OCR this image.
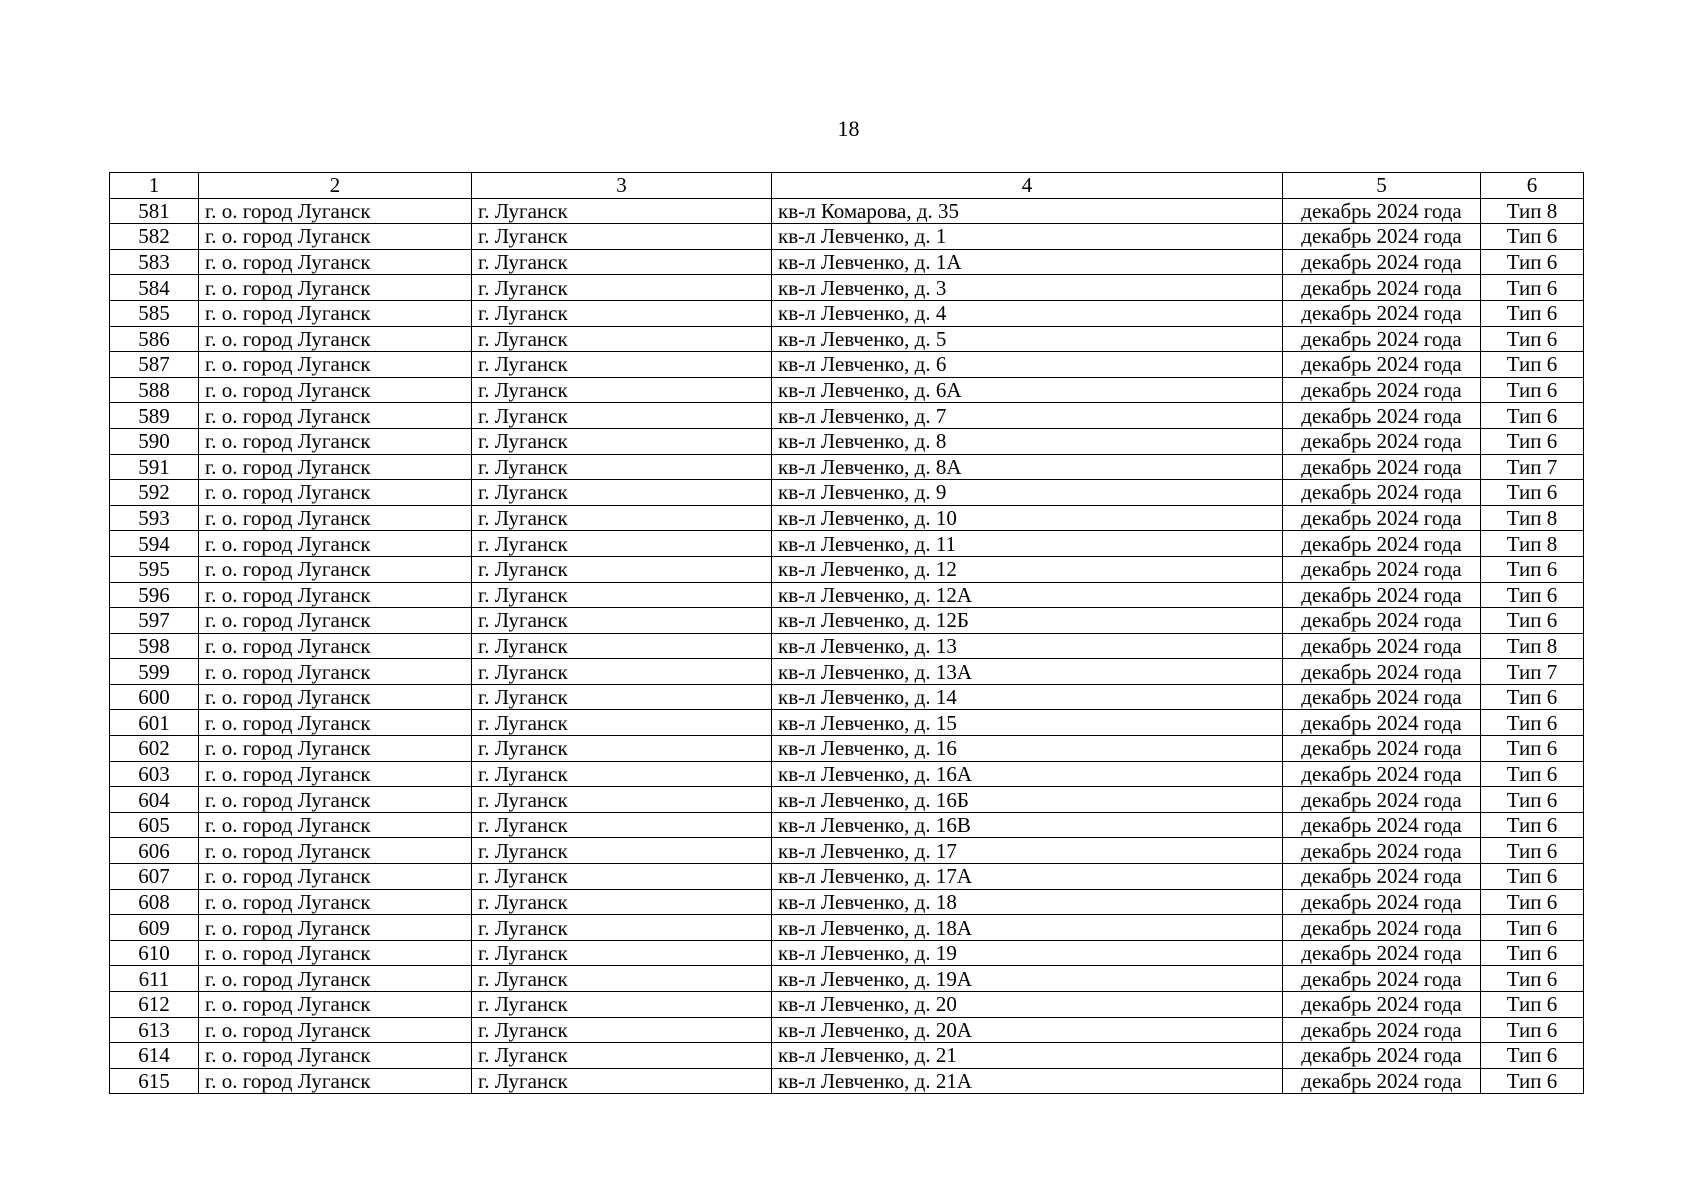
18
1	2	3	4	5	6
581	г. о. город Луганск	г. Луганск	кв-л Комарова, д. 35	декабрь 2024 года	Тип 8
582	г. о. город Луганск	г. Луганск	кв-л Левченко, д. 1	декабрь 2024 года	Тип 6
583	г. о. город Луганск	г. Луганск	кв-л Левченко, д. 1А	декабрь 2024 года	Тип 6
584	г. о. город Луганск	г. Луганск	кв-л Левченко, д. 3	декабрь 2024 года	Тип 6
585	г. о. город Луганск	г. Луганск	кв-л Левченко, д. 4	декабрь 2024 года	Тип 6
586	г. о. город Луганск	г. Луганск	кв-л Левченко, д. 5	декабрь 2024 года	Тип 6
587	г. о. город Луганск	г. Луганск	кв-л Левченко, д. 6	декабрь 2024 года	Тип 6
588	г. о. город Луганск	г. Луганск	кв-л Левченко, д. 6А	декабрь 2024 года	Тип 6
589	г. о. город Луганск	г. Луганск	кв-л Левченко, д. 7	декабрь 2024 года	Тип 6
590	г. о. город Луганск	г. Луганск	кв-л Левченко, д. 8	декабрь 2024 года	Тип 6
591	г. о. город Луганск	г. Луганск	кв-л Левченко, д. 8А	декабрь 2024 года	Тип 7
592	г. о. город Луганск	г. Луганск	кв-л Левченко, д. 9	декабрь 2024 года	Тип 6
593	г. о. город Луганск	г. Луганск	кв-л Левченко, д. 10	декабрь 2024 года	Тип 8
594	г. о. город Луганск	г. Луганск	кв-л Левченко, д. 11	декабрь 2024 года	Тип 8
595	г. о. город Луганск	г. Луганск	кв-л Левченко, д. 12	декабрь 2024 года	Тип 6
596	г. о. город Луганск	г. Луганск	кв-л Левченко, д. 12А	декабрь 2024 года	Тип 6
597	г. о. город Луганск	г. Луганск	кв-л Левченко, д. 12Б	декабрь 2024 года	Тип 6
598	г. о. город Луганск	г. Луганск	кв-л Левченко, д. 13	декабрь 2024 года	Тип 8
599	г. о. город Луганск	г. Луганск	кв-л Левченко, д. 13А	декабрь 2024 года	Тип 7
600	г. о. город Луганск	г. Луганск	кв-л Левченко, д. 14	декабрь 2024 года	Тип 6
601	г. о. город Луганск	г. Луганск	кв-л Левченко, д. 15	декабрь 2024 года	Тип 6
602	г. о. город Луганск	г. Луганск	кв-л Левченко, д. 16	декабрь 2024 года	Тип 6
603	г. о. город Луганск	г. Луганск	кв-л Левченко, д. 16А	декабрь 2024 года	Тип 6
604	г. о. город Луганск	г. Луганск	кв-л Левченко, д. 16Б	декабрь 2024 года	Тип 6
605	г. о. город Луганск	г. Луганск	кв-л Левченко, д. 16В	декабрь 2024 года	Тип 6
606	г. о. город Луганск	г. Луганск	кв-л Левченко, д. 17	декабрь 2024 года	Тип 6
607	г. о. город Луганск	г. Луганск	кв-л Левченко, д. 17А	декабрь 2024 года	Тип 6
608	г. о. город Луганск	г. Луганск	кв-л Левченко, д. 18	декабрь 2024 года	Тип 6
609	г. о. город Луганск	г. Луганск	кв-л Левченко, д. 18А	декабрь 2024 года	Тип 6
610	г. о. город Луганск	г. Луганск	кв-л Левченко, д. 19	декабрь 2024 года	Тип 6
611	г. о. город Луганск	г. Луганск	кв-л Левченко, д. 19А	декабрь 2024 года	Тип 6
612	г. о. город Луганск	г. Луганск	кв-л Левченко, д. 20	декабрь 2024 года	Тип 6
613	г. о. город Луганск	г. Луганск	кв-л Левченко, д. 20А	декабрь 2024 года	Тип 6
614	г. о. город Луганск	г. Луганск	кв-л Левченко, д. 21	декабрь 2024 года	Тип 6
615	г. о. город Луганск	г. Луганск	кв-л Левченко, д. 21А	декабрь 2024 года	Тип 6
